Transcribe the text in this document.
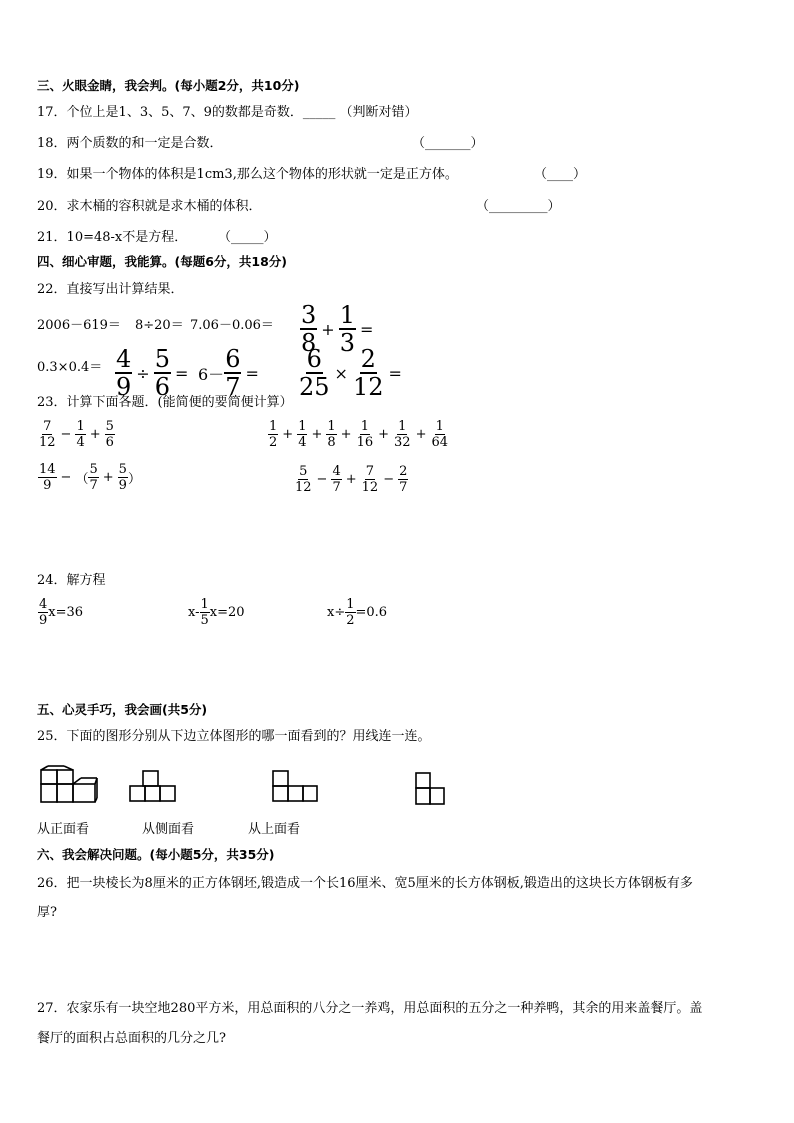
三、火眼金睛，我会判。(每小题2分，共10分)
17．个位上是1、3、5、7、9的数都是奇数．_____ （判断对错）
18．两个质数的和一定是合数．	（_______）
19．如果一个物体的体积是1cm3,那么这个物体的形状就一定是正方体。	（____）
20．求木桶的容积就是求木桶的体积．	（_________）
21．10=48-x不是方程． （_____）
四、细心审题，我能算。(每题6分，共18分)
22．直接写出计算结果．
$2006-619= 8\div 20= 7.06-0.06= \frac{3}{8} + \frac{1}{3}$ =
$0.3\times 0.4= \frac{4}{9} \div \frac{5}{6} = 6- \frac{6}{7} = \frac{6}{25} \times \frac{2}{12}$ =
23．计算下面各题．(能简便的要简便计算）
$\frac{7}{12} - \frac{1}{4} + \frac{5}{6}$	$\frac{1}{2} + \frac{1}{4} + \frac{1}{8} + \frac{1}{16} + \frac{1}{32} + \frac{1}{64}$
$\frac{14}{9}$ − （ $\frac{5}{7} + \frac{5}{9}$ ）	$\frac{5}{12} - \frac{4}{7} + \frac{7}{12} - \frac{2}{7}$
24．解方程
$\frac{4}{9} x=36$	$x- \frac{1}{5} x=20$	$x\div \frac{1}{2} =0.6$
五、心灵手巧，我会画(共5分)
25．下面的图形分别从下边立体图形的哪一面看到的？用线连一连。
从正面看	从侧面看	从上面看
六、我会解决问题。(每小题5分，共35分)
26．把一块棱长为8厘米的正方体钢坯,锻造成一个长16厘米、宽5厘米的长方体钢板,锻造出的这块长方体钢板有多
厚?
27．农家乐有一块空地280平方米，用总面积的八分之一养鸡，用总面积的五分之一种养鸭，其余的用来盖餐厅。盖
餐厅的面积占总面积的几分之几?
